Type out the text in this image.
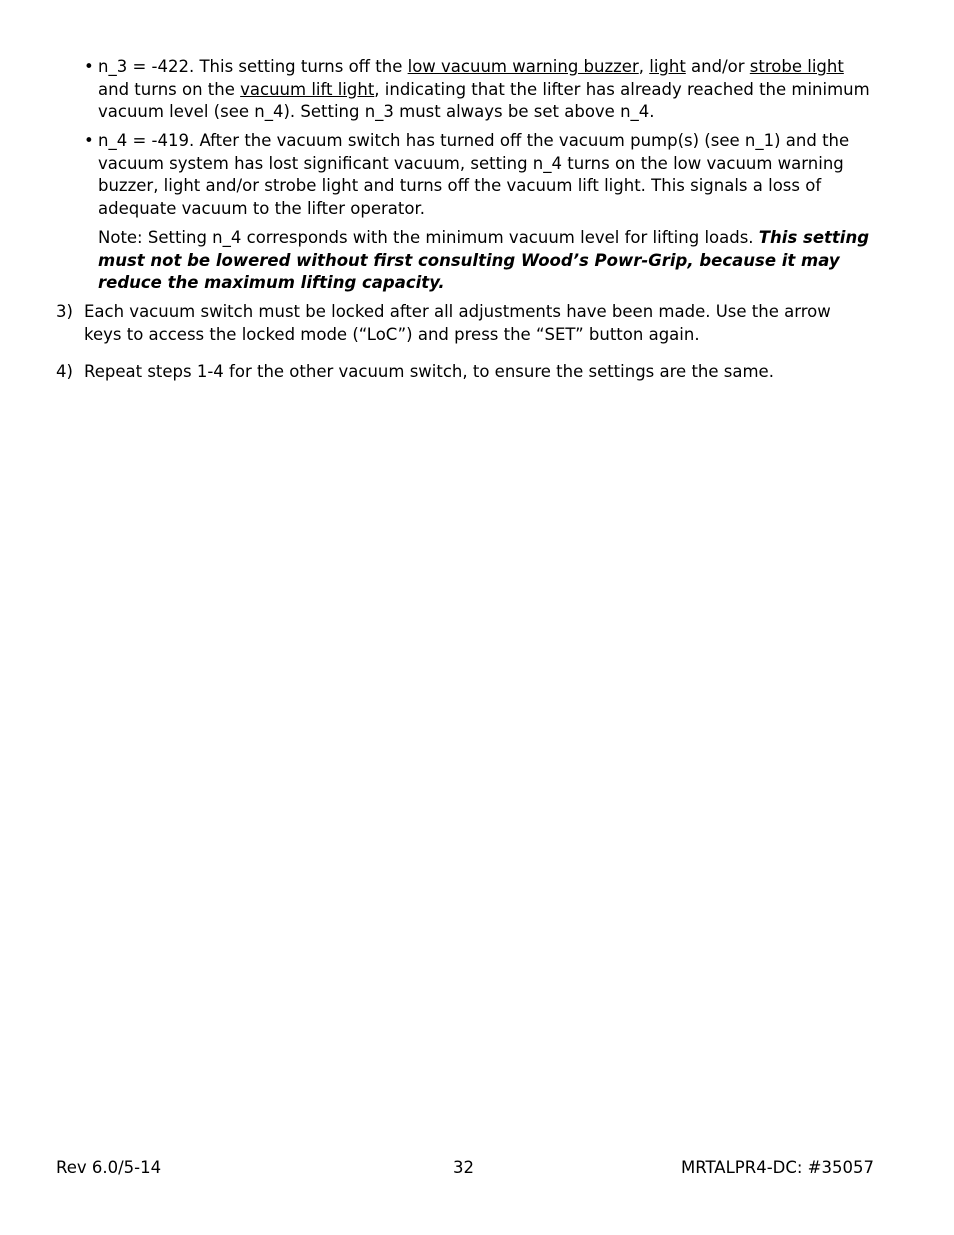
• n_3 = -422. This setting turns off the low vacuum warning buzzer, light and/or strobe light and turns on the vacuum lift light, indicating that the lifter has already reached the minimum vacuum level (see n_4). Setting n_3 must always be set above n_4.
• n_4 = -419. After the vacuum switch has turned off the vacuum pump(s) (see n_1) and the vacuum system has lost significant vacuum, setting n_4 turns on the low vacuum warning buzzer, light and/or strobe light and turns off the vacuum lift light. This signals a loss of adequate vacuum to the lifter operator.
Note: Setting n_4 corresponds with the minimum vacuum level for lifting loads. This setting must not be lowered without first consulting Wood’s Powr-Grip, because it may reduce the maximum lifting capacity.
3) Each vacuum switch must be locked after all adjustments have been made. Use the arrow keys to access the locked mode (“LoC”) and press the “SET” button again.
4) Repeat steps 1-4 for the other vacuum switch, to ensure the settings are the same.
Rev 6.0/5-14	32	MRTALPR4-DC: #35057
